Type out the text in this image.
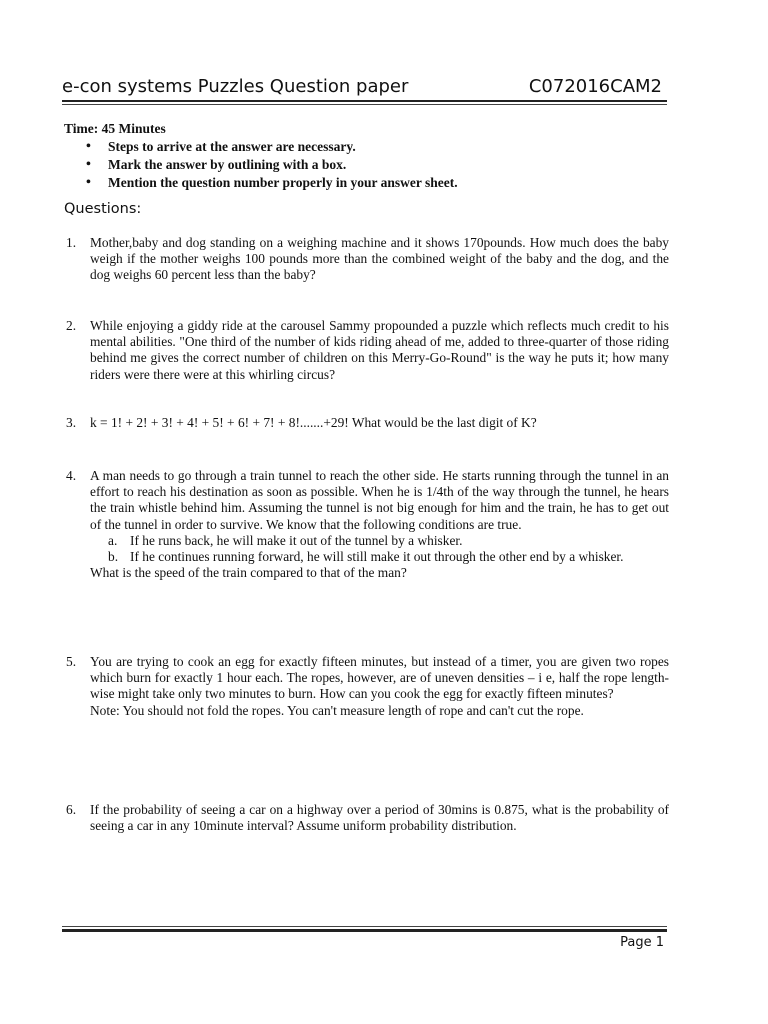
e-con systems Puzzles Question paper	C072016CAM2
Time: 45 Minutes
• Steps to arrive at the answer are necessary.
• Mark the answer by outlining with a box.
• Mention the question number properly in your answer sheet.
Questions:
1. Mother,baby and dog standing on a weighing machine and it shows 170pounds. How much does the baby weigh if the mother weighs 100 pounds more than the combined weight of the baby and the dog, and the dog weighs 60 percent less than the baby?

2. While enjoying a giddy ride at the carousel Sammy propounded a puzzle which reflects much credit to his mental abilities. "One third of the number of kids riding ahead of me, added to three-quarter of those riding behind me gives the correct number of children on this Merry-Go-Round" is the way he puts it; how many riders were there were at this whirling circus?

3. k = 1! + 2! + 3! + 4! + 5! + 6! + 7! + 8!.......+29! What would be the last digit of K?

4. A man needs to go through a train tunnel to reach the other side. He starts running through the tunnel in an effort to reach his destination as soon as possible. When he is 1/4th of the way through the tunnel, he hears the train whistle behind him. Assuming the tunnel is not big enough for him and the train, he has to get out of the tunnel in order to survive. We know that the following conditions are true.

a. If he runs back, he will make it out of the tunnel by a whisker.
b. If he continues running forward, he will still make it out through the other end by a whisker.

What is the speed of the train compared to that of the man?

5. You are trying to cook an egg for exactly fifteen minutes, but instead of a timer, you are given two ropes which burn for exactly 1 hour each. The ropes, however, are of uneven densities – i e, half the rope length-wise might take only two minutes to burn. How can you cook the egg for exactly fifteen minutes?

Note: You should not fold the ropes. You can't measure length of rope and can't cut the rope.

6. If the probability of seeing a car on a highway over a period of 30mins is 0.875, what is the probability of seeing a car in any 10minute interval? Assume uniform probability distribution.

Page 1
